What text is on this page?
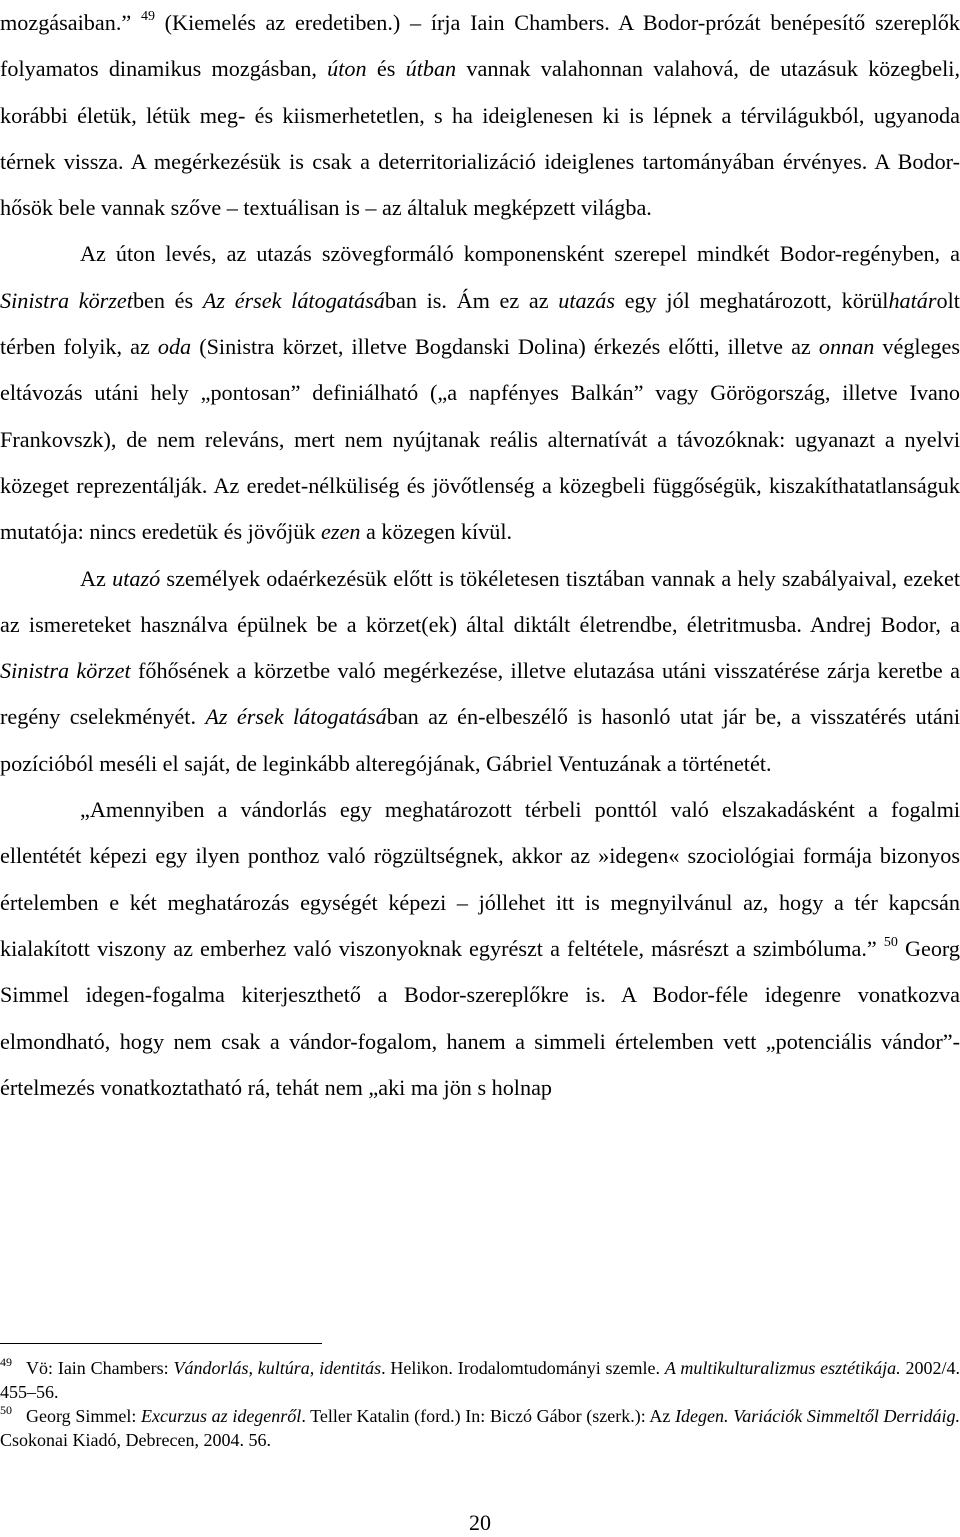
mozgásaiban.” $^{49}$ (Kiemelés az eredetiben.) – írja Iain Chambers. A Bodor-prózát benépesítő szereplők folyamatos dinamikus mozgásban, úton és útban vannak valahonnan valahová, de utazásuk közegbeli, korábbi életük, létük meg- és kiismerhetetlen, s ha ideiglenesen ki is lépnek a térvilágukból, ugyanoda térnek vissza. A megérkezésük is csak a deterritorializáció ideiglenes tartományában érvényes. A Bodor-hősök bele vannak szőve – textuálisan is – az általuk megképzett világba.

Az úton levés, az utazás szövegformáló komponensként szerepel mindkét Bodor-regényben, a Sinistra körzetben és Az érsek látogatásában is. Ám ez az utazás egy jól meghatározott, körülhatárolt térben folyik, az oda (Sinistra körzet, illetve Bogdanski Dolina) érkezés előtti, illetve az onnan végleges eltávozás utáni hely „pontosan” definiálható („a napfényes Balkán” vagy Görögország, illetve Ivano Frankovszk), de nem releváns, mert nem nyújtanak reális alternatívát a távozóknak: ugyanazt a nyelvi közeget reprezentálják. Az eredet-nélküliség és jövőtlenség a közegbeli függőségük, kiszakíthatatlanságuk mutatója: nincs eredetük és jövőjük ezen a közegen kívül.

Az utazó személyek odaérkezésük előtt is tökéletesen tisztában vannak a hely szabályaival, ezeket az ismereteket használva épülnek be a körzet(ek) által diktált életrendbe, életritmusba. Andrej Bodor, a Sinistra körzet főhősének a körzetbe való megérkezése, illetve elutazása utáni visszatérése zárja keretbe a regény cselekményét. Az érsek látogatásában az én-elbeszélő is hasonló utat jár be, a visszatérés utáni pozícióból meséli el saját, de leginkább alteregójának, Gábriel Ventuzának a történetét.

„Amennyiben a vándorlás egy meghatározott térbeli ponttól való elszakadásként a fogalmi ellentétét képezi egy ilyen ponthoz való rögzültségnek, akkor az »idegen« szociológiai formája bizonyos értelemben e két meghatározás egységét képezi – jóllehet itt is megnyilvánul az, hogy a tér kapcsán kialakított viszony az emberhez való viszonyoknak egyrészt a feltétele, másrészt a szimbóluma.” $^{50}$ Georg Simmel idegen-fogalma kiterjeszthető a Bodor-szereplőkre is. A Bodor-féle idegenre vonatkozva elmondható, hogy nem csak a vándor-fogalom, hanem a simmeli értelemben vett „potenciális vándor”-értelmezés vonatkoztatható rá, tehát nem „aki ma jön s holnap

$^{49}$ Vö: Iain Chambers: Vándorlás, kultúra, identitás. Helikon. Irodalomtudományi szemle. A multikulturalizmus esztétikája. 2002/4. 455–56.

$^{50}$ Georg Simmel: Excurzus az idegenről. Teller Katalin (ford.) In: Biczó Gábor (szerk.): Az Idegen. Variációk Simmeltől Derridáig. Csokonai Kiadó, Debrecen, 2004. 56.

20
